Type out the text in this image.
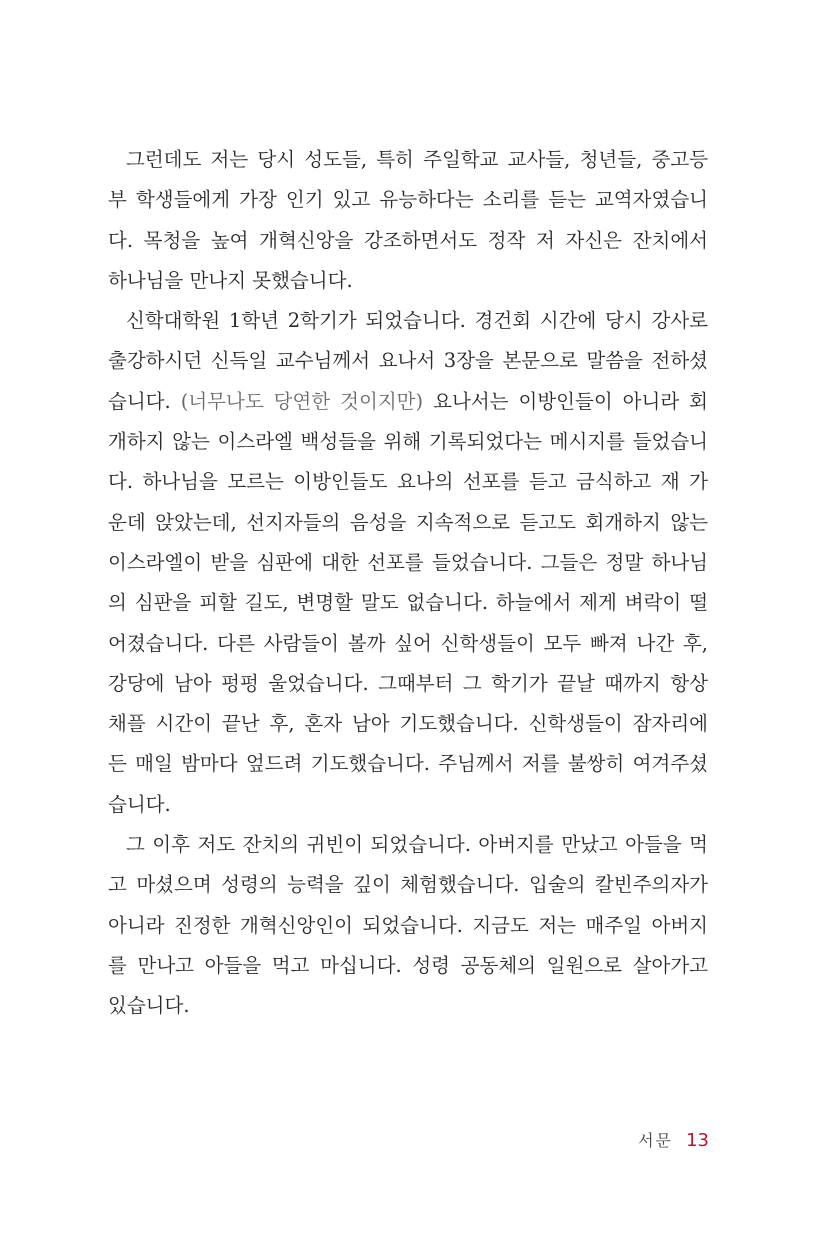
그런데도 저는 당시 성도들, 특히 주일학교 교사들, 청년들, 중고등
부 학생들에게 가장 인기 있고 유능하다는 소리를 듣는 교역자였습니
다. 목청을 높여 개혁신앙을 강조하면서도 정작 저 자신은 잔치에서
하나님을 만나지 못했습니다.
신학대학원 1학년 2학기가 되었습니다. 경건회 시간에 당시 강사로
출강하시던 신득일 교수님께서 요나서 3장을 본문으로 말씀을 전하셨
습니다. (너무나도 당연한 것이지만) 요나서는 이방인들이 아니라 회
개하지 않는 이스라엘 백성들을 위해 기록되었다는 메시지를 들었습니
다. 하나님을 모르는 이방인들도 요나의 선포를 듣고 금식하고 재 가
운데 앉았는데, 선지자들의 음성을 지속적으로 듣고도 회개하지 않는
이스라엘이 받을 심판에 대한 선포를 들었습니다. 그들은 정말 하나님
의 심판을 피할 길도, 변명할 말도 없습니다. 하늘에서 제게 벼락이 떨
어졌습니다. 다른 사람들이 볼까 싶어 신학생들이 모두 빠져 나간 후,
강당에 남아 펑펑 울었습니다. 그때부터 그 학기가 끝날 때까지 항상
채플 시간이 끝난 후, 혼자 남아 기도했습니다. 신학생들이 잠자리에
든 매일 밤마다 엎드려 기도했습니다. 주님께서 저를 불쌍히 여겨주셨
습니다.
그 이후 저도 잔치의 귀빈이 되었습니다. 아버지를 만났고 아들을 먹
고 마셨으며 성령의 능력을 깊이 체험했습니다. 입술의 칼빈주의자가
아니라 진정한 개혁신앙인이 되었습니다. 지금도 저는 매주일 아버지
를 만나고 아들을 먹고 마십니다. 성령 공동체의 일원으로 살아가고
있습니다.
서문 13
